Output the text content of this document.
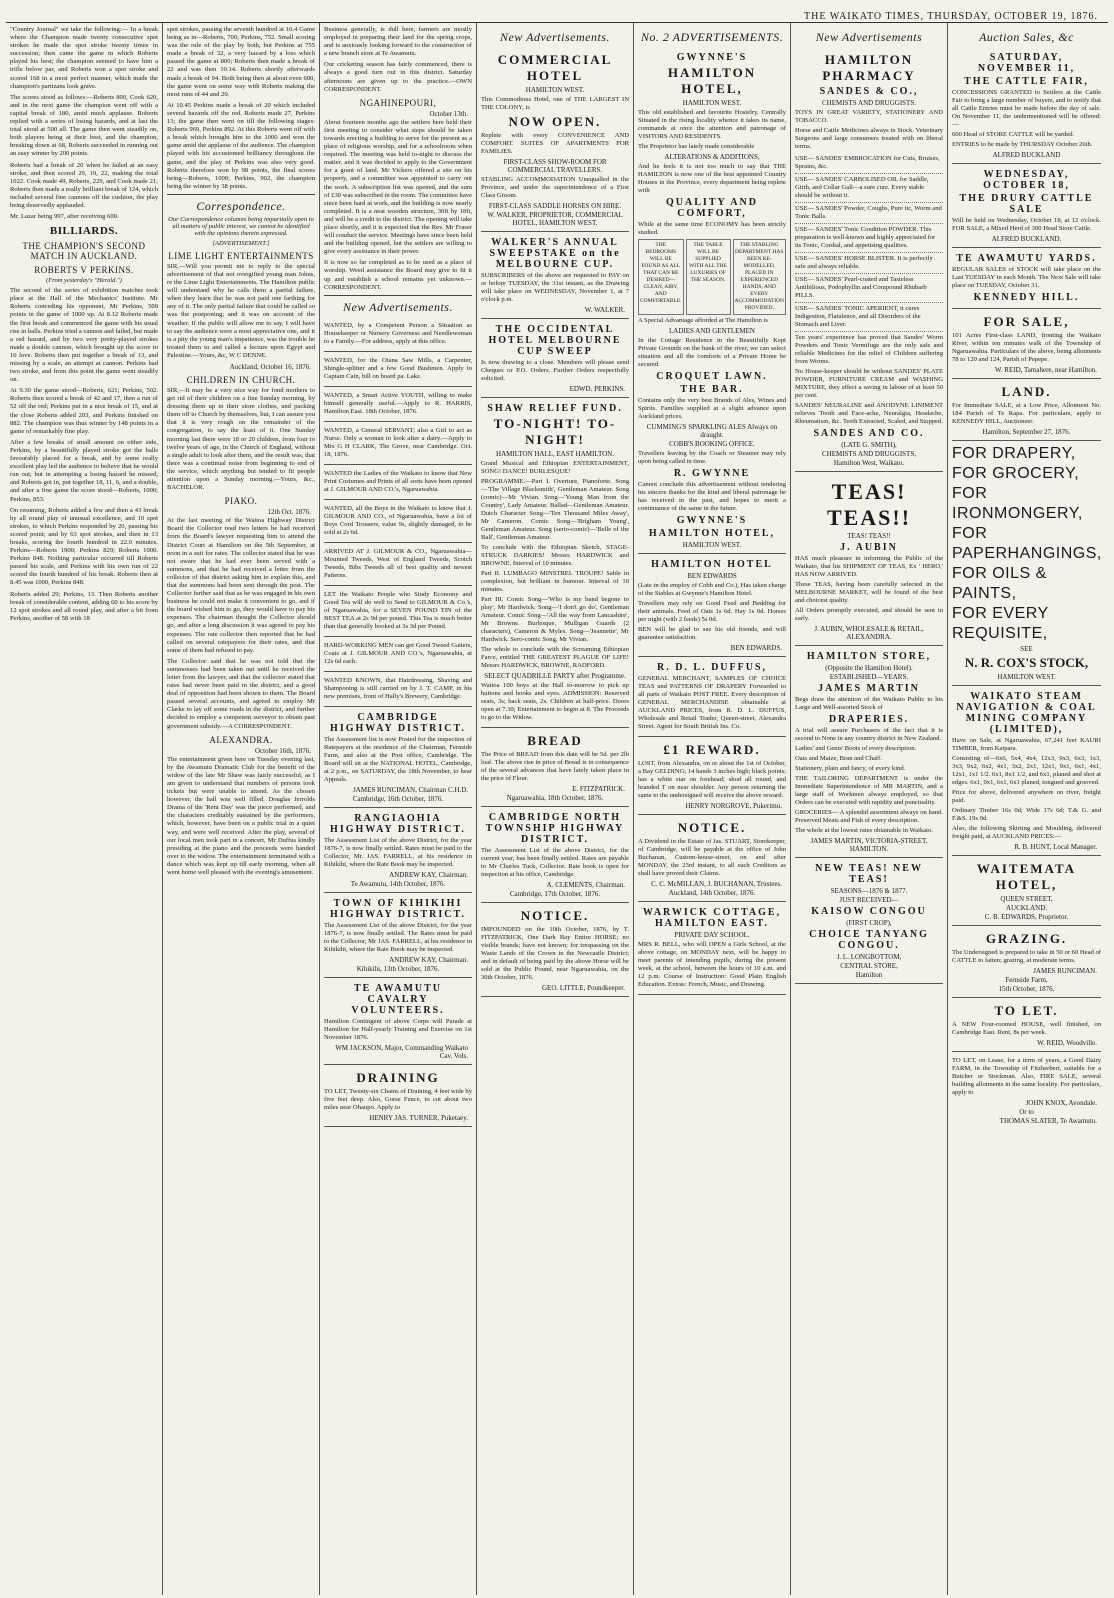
THE WAIKATO TIMES, THURSDAY, OCTOBER 19, 1876.

"Country Journal" we take the following:— In a break where the Champion made twenty consecutive spot strokes he made the spot stroke twenty times in succession; then came the game in which Roberts played his best; the champion seemed to have him a trifle below par, and Roberts won a spot stroke and scored 168 in a most perfect manner, which made the champion's partizans look grave.

The scores stood as follows:—Roberts 800, Cook 620, and in the next game the champion went off with a capital break of 180, amid much applause. Roberts replied with a series of losing hazards, and at last the total stood at 500 all. The game then went steadily on, both players being at their best, and the champion, breaking down at 68, Roberts succeeded in running out an easy winner by 200 points.

Roberts had a break of 20 when he failed at an easy stroke, and then scored 29, 19, 22, making the total 1022. Cook made 49, Roberts, 229, and Cook made 21; Roberts then made a really brilliant break of 124, which included several fine cannons off the cushion, the play being deservedly applauded.

Mr. Lazar being 997, after receiving 600.

BILLIARDS.
THE CHAMPION'S SECOND MATCH IN AUCKLAND.
ROBERTS V PERKINS.
(From yesterday's "Herald.")

The second of the series of exhibition matches took place at the Hall of the Mechanics' Institute. Mr Roberts conceding his opponent, Mr Perkins, 500 points in the game of 1000 up. At 8.12 Roberts made the first break and commenced the game with his usual rise in balls. Perkins tried a cannon and failed, but made a red hazard, and by two very pretty-played strokes made a double cannon, which brought up the score to 10 love. Roberts then put together a break of 13, and missing by a scale, an attempt at cannon. Perkins had two stroke, and from this point the game went steadily on.

At 9.30 the game stood—Roberts, 621; Perkins, 502. Roberts then scored a break of 42 and 17, then a run of 52 off the red; Perkins put in a nice break of 15, and at the close Roberts added 203, and Perkins finished on 882. The champion was thus winner by 148 points in a game of remarkably fine play.

After a few breaks of small amount on either side, Perkins, by a beautifully played stroke got the balls favourably placed for a break, and by some really excellent play led the audience to believe that he would run out; but in attempting a losing hazard he missed, and Roberts got in, put together 18, 11, 6, and a double, and after a fine game the score stood—Roberts, 1000; Perkins, 853.

On resuming, Roberts added a few and then a 43 break by all round play of unusual excellence, and 10 spot strokes, to which Perkins responded by 20, passing his scored point; and by 63 spot strokes, and then in 13 breaks, scoring the fourth hundred in 22.0 minutes. Perkins—Roberts 1900; Perkins 829; Roberts 1000. Perkins 848. Nothing particular occurred till Roberts passed his scale, and Perkins with his own run of 22 scored the fourth hundred of his break. Roberts then at 8.45 was 1000, Perkins 848.

Roberts added 29; Perkins, 13. Then Roberts another break of considerable content, adding 60 to his score by 12 spot strokes and all round play, and after a bit from Perkins, another of 58 with 18

spot strokes, passing the seventh hundred at 10.4 Game being as in—Roberts, 700; Perkins, 752. Small scoring was the rule of the play by both, but Perkins at 755 made a break of 32, a very hazard by a loss which passed the game at 800; Roberts then made a break of 22 and was then 10.14. Roberts shortly afterwards made a break of 94. Both being then at about even 600, the game went on some way with Roberts making the most runs of 44 and 20.

At 10.45 Perkins made a break of 20 which included several hazards off the red. Roberts made 27, Perkins 13; the game then went on till the following stages: Roberts 969, Perkins 892. At this Roberts went off with a break which brought him to the 1000 and won the game amid the applause of the audience. The champion played with his accustomed brilliancy throughout the game, and the play of Perkins was also very good. Roberts therefore won by 98 points, the final scores being—Roberts, 1000; Perkins, 902, the champion being the winner by 38 points.

Correspondence.
Our Correspondence columns being impartially open to all matters of public interest, we cannot be identified with the opinions therein expressed.
[ADVERTISEMENT.]
LIME LIGHT ENTERTAINMENTS

SIR,—Will you permit me to reply to the special advertisement of that not overgifted young man Johns, re the Lime Light Entertainments. The Hamilton public will understand why he calls them a partial failure, when they learn that he was not paid one farthing for any of it. The only partial failure that could be called so was the postponing; and it was on account of the weather. If the public will allow me to say, I will have to say the audience were a most appreciative one, and it is a pity the young man's impatience, was the trouble he treated them to and called a lecture upon Egypt and Palestine.—Yours, &c, W C DENNE.

Auckland, October 16, 1876.
CHILDREN IN CHURCH.

SIR,—It may be a very nice way for fond mothers to get rid of their children on a fine Sunday morning, by dressing them up in their store clothes, and packing them off to Church by themselves, but, I can assure you that it is very rough on the remainder of the congregation, to say the least of it. One Sunday morning last there were 18 or 20 children, from four to twelve years of age, in the Church of England, without a single adult to look after them, and the result was, that there was a continual noise from beginning to end of the service, which anything but tended to fit people attention upon a Sunday morning.—Yours, &c., BACHELOR.

PIAKO.
12th Oct. 1876.

At the last meeting of the Waitoa Highway District Board the Collector read two letters he had received from the Board's lawyer requesting him to attend the District Court at Hamilton on the 5th September, at noon in a suit for rates. The collector stated that he was not aware that he had ever been served with a summons, and that he had received a letter from the collector of that district asking him to explain this, and that the summons had been sent through the post. The Collector further said that as he was engaged in his own business he could not make it convenient to go, and if the board wished him to go, they would have to pay his expenses. The chairman thought the Collector should go, and after a long discussion it was agreed to pay his expenses. The rate collector then reported that he had called on several ratepayers for their rates, and that some of them had refused to pay.

The Collector said that he was not told that the summonses had been taken out until he received the letter from the lawyer, and that the collector stated that rates had never been paid in the district, and a good deal of opposition had been shown to them. The Board passed several accounts, and agreed to employ Mr Clarke to lay off some roads in the district, and further decided to employ a competent surveyor to obtain past government subsidy.—A CORRESPONDENT.

ALEXANDRA.
October 16th, 1876.

The entertainment given here on Tuesday evening last, by the Awamutu Dramatic Club for the benefit of the widow of the late Mr Shaw was fairly successful, as I am given to understand that numbers of persons took tickets but were unable to attend. As the chosen however, the hall was well filled. Douglas Jerrolds Drama of the 'Rent Day' was the piece performed, and the characters creditably sustained by the performers, which, however, have been on a public trial in a quiet way, and were well received. After the play, several of our local men took part in a concert, Mr Duffus kindly presiding at the piano and the proceeds were handed over to the widow. The entertainment terminated with a dance which was kept up till early morning, when all went home well pleased with the evening's amusement.

Business generally, is dull here, farmers are mostly employed in preparing their land for the spring crops, and is anxiously looking forward to the construction of a new branch store at Te Awamutu.

Our cricketing season has fairly commenced, there is always a good turn out in this district. Saturday afternoons are given up to the practice.—OWN CORRESPONDENT.

NGAHINEPOURI,
October 13th.

About fourteen months ago the settlers here held their first meeting to consider what steps should be taken towards erecting a building to serve for the present as a place of religious worship, and for a schoolroom when required. The meeting was held to-night to discuss the matter, and it was decided to apply to the Government for a grant of land. Mr Vickers offered a site on his property, and a committee was appointed to carry out the work. A subscription list was opened, and the sum of £30 was subscribed in the room. The committee have since been hard at work, and the building is now nearly completed. It is a neat wooden structure, 30ft by 18ft, and will be a credit to the district. The opening will take place shortly, and it is expected that the Rev. Mr Fraser will conduct the service. Meetings have since been held and the building opened, but the settlers are willing to give every assistance in their power.

It is now so far completed as to be used as a place of worship. Weed assistance the Board may give to fit it up and establish a school remains yet unknown.—CORRESPONDENT.

New Advertisements.

WANTED, by a Competent Person a Situation as Housekeeper or Nursery Governess and Needlewoman to a Family.—For address, apply at this office.

WANTED, for the Otana Saw Mills, a Carpenter, Shingle-splitter and a few Good Bushmen. Apply to Captain Cain, bill on board pa. Lake.

WANTED, a Smart Active YOUTH, willing to make himself generally useful.—Apply to R. HARRIS, Hamilton East. 18th October, 1876.

WANTED, a General SERVANT; also a Girl to act as Nurse. Only a woman to look after a dairy.—Apply to Mrs G H CLARK, The Grove, near Cambridge. Oct. 18, 1876.

WANTED the Ladies of the Waikato to know that New Print Costumes and Prints of all sorts have been opened at J. GILMOUR AND CO.'s, Ngaruawahia.

WANTED, all the Boys in the Waikato to know that J. GILMOUR AND CO., of Ngaruawahia, have a lot of Boys Cord Trousers, value 9s, slightly damaged, to be sold at 2s 6d.

ARRIVED AT J. GILMOUR & CO., Ngaruawahia— Mounted Tweeds, West of England Tweeds, Scotch Tweeds, Bibs Tweeds all of best quality and newest Patterns.

LET the Waikato People who Study Economy and Good Tea will do well to Send to GILMOUR & Co.'s, of Ngaruawahia, for a SEVEN POUND TIN of the BEST TEA at 2s 9d per pound. This Tea is much better than that generally booked at 3s 3d per Pound.

HARD-WORKING MEN can get Good Tweed Gaiters, Coats at J. GILMOUR AND CO.'s, Ngaruawahia, at 12s 6d each.

WANTED KNOWN, that Hairdressing, Shaving and Shampooing is still carried on by J. T. CAMP, in his new premises, front of Hally's Brewery, Cambridge.

CAMBRIDGE HIGHWAY DISTRICT.

The Assessment list is now Posted for the inspection of Ratepayers at the residence of the Chairman, Fernside Farm, and also at the Post office, Cambridge. The Board will sit at the NATIONAL HOTEL, Cambridge, at 2 p.m., on SATURDAY, the 18th November, to hear Appeals.

JAMES RUNCIMAN, Chairman C.H.D.
Cambridge, 16th October, 1876.
RANGIAOHIA HIGHWAY DISTRICT.

The Assessment List of the above District, for the year 1876-7, is now finally settled. Rates must be paid to the Collector, Mr. JAS. FARRELL, at his residence in Kihikihi, where the Rate Book may be inspected.

ANDREW KAY, Chairman.
Te Awamutu, 14th October, 1876.
TOWN OF KIHIKIHI HIGHWAY DISTRICT.

The Assessment List of the above District, for the year 1876-7, is now finally settled. The Rates must be paid to the Collector, Mr JAS. FARRELL, at his residence in Kihikihi, where the Rate Book may be inspected.

ANDREW KAY, Chairman.
Kihikihi, 13th October, 1876.
TE AWAMUTU CAVALRY VOLUNTEERS.

Hamilton Contingent of above Corps will Parade at Hamilton for Half-yearly Training and Exercise on 1st November 1876.

WM JACKSON, Major, Commanding Waikato Cav. Vols.
DRAINING

TO LET, Twenty-six Chains of Draining, 4 feet wide by five feet deep. Also, Gorse Fence, to cut about two miles near Ohaupo. Apply to

HENRY JAS. TURNER, Puketaey.
New Advertisements.
COMMERCIAL HOTEL
HAMILTON WEST.

This Commodious Hotel, one of THE LARGEST IN THE COLONY, is

NOW OPEN.

Replete with every CONVENIENCE AND COMFORT. SUITES OF APARTMENTS FOR FAMILIES.

FIRST-CLASS SHOW-ROOM FOR COMMERCIAL TRAVELLERS.

STABLING ACCOMMODATION Unequalled in the Province, and under the superintendence of a First Class Groom.

FIRST-CLASS SADDLE HORSES ON HIRE.
W. WALKER, PROPRIETOR, COMMERCIAL HOTEL, HAMILTON WEST.
WALKER'S ANNUAL SWEEPSTAKE on the MELBOURNE CUP.

SUBSCRIBERS of the above are requested to PAY on or before TUESDAY, the 31st instant, as the Drawing will take place on WEDNESDAY, November 1, at 7 o'clock p.m.

W. WALKER.
THE OCCIDENTAL HOTEL MELBOURNE CUP SWEEP

Is now drawing to a close. Members will please send Cheques or P.O. Orders. Further Orders respectfully solicited.

EDWD. PERKINS.
SHAW RELIEF FUND.
TO-NIGHT! TO-NIGHT!
HAMILTON HALL, EAST HAMILTON.

Grand Musical and Ethiopian ENTERTAINMENT, SONG! DANCE! BURLESQUE!

PROGRAMME.—Part I. Overture, Pianoforte. Song—'The Village Blacksmith', Gentleman Amateur. Song (comic)—Mr Vivian. Song—'Young Man from the Country', Lady Amateur. Ballad—Gentleman Amateur. Dutch Character Song—'Ten Thousand Miles Away', Mr Cameron. Comic Song—'Brigham Young', Gentleman Amateur. Song (serio-comic)—'Belle of the Ball', Gentleman Amateur.

To conclude with the Ethiopian Sketch, STAGE-STRUCK DARKIES! Messrs HARDWICK and BROWNE. Interval of 10 minutes.

Part II. LUMBAGO MINSTREL TROUPE! Sable in complexion, but brilliant in humour. Interval of 10 minutes.

Part III. Comic Song—'Who is my band begone to play', Mr Hardwick. Song—'I don't go do', Gentleman Amateur. Comic Song—'All the way from Lancashire', Mr Browne. Burlesque, Mulligan Guards (2 characters), Cameron & Myles. Song—'Jeannette', Mr Hardwick. Sero-comic Song, Mr Vivian.

The whole to conclude with the Screaming Ethiopian Farce, entitled THE GREATEST PLAGUE OF LIFE! Messrs HARDWICK, BROWNE, RADFORD.

SELECT QUADRILLE PARTY after Programme.

Waitoa 100 boys at the Hall to-morrow to pick up buttons and hooks and eyes. ADMISSION: Reserved seats, 3s; back seats, 2s. Children at half-price. Doors open at 7.30; Entertainment to begin at 8. The Proceeds to go to the Widow.

BREAD

The Price of BREAD from this date will be 5d. per 2lb loaf. The above rise in price of Bread is in consequence of the several advances that have lately taken place in the price of Flour.

E. FITZPATRICK.
Ngaruawahia, 18th October, 1876.
CAMBRIDGE NORTH TOWNSHIP HIGHWAY DISTRICT.

The Assessment List of the above District, for the current year, has been finally settled. Rates are payable to Mr Charles Tuck, Collector. Rate book is open for inspection at his office, Cambridge.

A. CLEMENTS, Chairman.
Cambridge, 17th October, 1876.
NOTICE.

IMPOUNDED on the 10th October, 1876, by T. FITZPATRICK, One Dark Bay Entire HORSE; no visible brands; have not known; for trespassing on the Waste Lands of the Crown in the Newcastle District; and in default of being paid by the above Horse will be sold at the Public Pound, near Ngaruawahia, on the 30th October, 1876.

GEO. LITTLE, Poundkeeper.
No. 2 ADVERTISEMENTS.
GWYNNE'S
HAMILTON HOTEL,
HAMILTON WEST.

This old established and favourite Hostelry, Centrally Situated in the rising locality whence it takes its name, commands at once the attention and patronage of VISITORS AND RESIDENTS.

The Proprietor has lately made considerable

ALTERATIONS & ADDITIONS,

And he feels it is not too much to say that THE HAMILTON is now one of the best appointed Country Houses in the Province, every department being replete with

QUALITY AND COMFORT,

While at the same time ECONOMY has been strictly studied.

THE BEDROOMS WILL BE FOUND AS ALL THAT CAN BE DESIRED—CLEAN, AIRY, AND COMFORTABLE.
THE TABLE WILL BE SUPPLIED WITH ALL THE LUXURIES OF THE SEASON.
THE STABLING DEPARTMENT HAS BEEN RE-MODELLED, PLACED IN EXPERIENCED HANDS, AND EVERY ACCOMMODATION PROVIDED.

A Special Advantage afforded at The Hamilton is

LADIES AND GENTLEMEN

In the Cottage Residence in the Beautifully Kept Private Grounds on the bank of the river, we can select situation and all the comforts of a Private Home be secured.

CROQUET LAWN.
THE BAR.

Contains only the very best Brands of Ales, Wines and Spirits. Families supplied at a slight advance upon Auckland prices.

CUMMING'S SPARKLING ALES Always on draught.
COBB'S BOOKING OFFICE.

Travellers leaving by the Coach or Steamer may rely upon being called in time.

R. GWYNNE

Cannot conclude this advertisement without tendering his sincere thanks for the kind and liberal patronage he has received in the past, and hopes to merit a continuance of the same in the future.

GWYNNE'S
HAMILTON HOTEL,
HAMILTON WEST.
HAMILTON HOTEL
BEN EDWARDS

(Late in the employ of Cobb and Co.), Has taken charge of the Stables at Gwynne's Hamilton Hotel.

Travellers may rely on Good Feed and Bedding for their animals. Feed of Oats 1s 6d. Hay 1s 0d. Horses per night (with 2 feeds) 5s 0d.

BEN will be glad to see his old friends, and will guarantee satisfaction.

BEN EDWARDS.
R. D. L. DUFFUS,

GENERAL MERCHANT, SAMPLES OF CHOICE TEAS and PATTERNS OF DRAPERY Forwarded to all parts of Waikato POST FREE. Every description of GENERAL MERCHANDISE obtainable at AUCKLAND PRICES, from R. D. L. DUFFUS, Wholesale and Retail Trader, Queen-street, Alexandra Street. Agent for South British Ins. Co.

£1 REWARD.

LOST, from Alexandra, on or about the 1st of October, a Bay GELDING; 14 hands 3 inches high; black points; has a white star on forehead; shod all round, and branded T on near shoulder. Any person returning the same to the undersigned will receive the above reward.

HENRY NORGROVE, Pukerimu.
NOTICE.

A Dividend in the Estate of Jas. STUART, Storekeeper, of Cambridge, will be payable at the office of John Buchanan, Custom-house-street, on and after MONDAY, the 23rd instant, to all such Creditors as shall have proved their Claims.

C. C. McMILLAN, J. BUCHANAN, Trustees.
Auckland, 14th October, 1876.
WARWICK COTTAGE, HAMILTON EAST.
PRIVATE DAY SCHOOL.

MRS R. BELL, who will OPEN a Girls School, at the above cottage, on MONDAY next, will be happy to meet parents of intending pupils, during the present week, at the school, between the hours of 10 a.m. and 12 p.m. Course of Instruction: Good Plain English Education. Extras: French, Music, and Drawing.

New Advertisements
HAMILTON PHARMACY
SANDES & CO.,
CHEMISTS AND DRUGGISTS.

TOYS IN GREAT VARIETY, STATIONERY AND TOBACCO.

Horse and Cattle Medicines always in Stock. Veterinary Surgeons and large consumers treated with on liberal terms.

USE— SANDES' EMBROCATION for Cuts, Bruises, Sprains, &c.
USE— SANDES' CARBOLISED OIL for Saddle, Girth, and Collar Gall—a sure cure. Every stable should be without it.
USE— SANDES' Powder, Coughs, Pure tic, Worm and Tonic Balls.
USE— SANDES' Tonic Condition POWDER. This preparation is well-known and highly appreciated for its Tonic, Cordial, and appetising qualities.
USE— SANDES' HORSE BLISTER. It is perfectly safe and always reliable.
USE— SANDES' Pearl-coated and Tasteless Antibilious, Podophyllin and Compound Rhubarb PILLS.
USE— SANDES' TONIC APERIENT, it cures Indigestion, Flatulence, and all Disorders of the Stomach and Liver.

Ten years' experience has proved that Sandes' Worm Powders and Tonic Vermifuge are the only safe and reliable Medicines for the relief of Children suffering from Worms.

No House-keeper should be without SANDES' PLATE POWDER, FURNITURE CREAM and WASHING MIXTURE, they effect a saving in labour of at least 50 per cent.

SANDES' NEURALINE and ANODYNE LINIMENT relieves Tooth and Face-ache, Neuralgia, Headache, Rheumatism, &c. Teeth Extracted, Scaled, and Stopped.

SANDES AND CO.
(LATE G. SMITH),
CHEMISTS AND DRUGGISTS,
Hamilton West, Waikato.
TEAS! TEAS!!
TEAS! TEAS!!
J. AUBIN

HAS much pleasure in informing the Public of the Waikato, that his SHIPMENT OF TEAS, Ex ' HERO,' HAS NOW ARRIVED.

These TEAS, having been carefully selected in the MELBOURNE MARKET, will be found of the best and choicest quality.

All Orders promptly executed, and should be sent in early.

J. AUBIN, WHOLESALE & RETAIL, ALEXANDRA.
HAMILTON STORE,
(Opposite the Hamilton Hotel).
ESTABLISHED—YEARS.
JAMES MARTIN

Begs draw the attention of the Waikato Public to his Large and Well-assorted Stock of

DRAPERIES.

A trial will assure Purchasers of the fact that it is second to None in any country district in New Zealand.

Ladies' and Gents' Boots of every description.

Oats and Maize, Bran and Chaff.

Stationery, plain and fancy, of every kind.

THE TAILORING DEPARTMENT is under the Immediate Superintendence of MR MARTIN, and a large staff of Workmen always employed, so that Orders can be executed with rapidity and punctuality.

GROCERIES— A splendid assortment always on hand. Preserved Meats and Fish of every description.

The whole at the lowest rates obtainable in Waikato.

JAMES MARTIN, VICTORIA-STREET, HAMILTON.
NEW TEAS! NEW TEAS!
SEASONS—1876 & 1877.
JUST RECEIVED—
KAISOW CONGOU
(FIRST CROP),
CHOICE TANYANG CONGOU.
J. L. LONGBOTTOM,
CENTRAL STORE,
Hamilton
Auction Sales, &c
SATURDAY, NOVEMBER 11,
THE CATTLE FAIR,

CONCESSIONS GRANTED to Settlers at the Cattle Fair to bring a large number of buyers, and to notify that all Cattle Entries must be made before the day of sale. On November 11, the undermentioned will be offered:—

600 Head of STORE CATTLE will be yarded.

ENTRIES to be made by THURSDAY October 26th.

ALFRED BUCKLAND
WEDNESDAY, OCTOBER 18,
THE DRURY CATTLE SALE

Will be held on Wednesday, October 18, at 12 o'clock. FOR SALE, a Mixed Herd of 300 Head Store Cattle.

ALFRED BUCKLAND.
TE AWAMUTU YARDS.

REGULAR SALES of STOCK will take place on the Last TUESDAY in each Month. The Next Sale will take place on TUESDAY, October 31.

KENNEDY HILL.
FOR SALE,

101 Acres First-class LAND, fronting the Waikato River, within ten minutes walk of the Township of Ngaruawahia. Particulars of the above, being allotments 78 to 120 and 124, Parish of Pepepe.

W. REID, Tamahere, near Hamilton.
LAND.

For Immediate SALE, at a Low Price, Allotment No. 184 Parish of Te Rapa. For particulars, apply to KENNEDY HILL, Auctioneer.

Hamilton, September 27, 1876.

FOR DRAPERY,

FOR GROCERY,

FOR IRONMONGERY,

FOR PAPERHANGINGS,

FOR OILS & PAINTS,

FOR EVERY REQUISITE,

SEE
N. R. COX'S STOCK,
HAMILTON WEST.
WAIKATO STEAM NAVIGATION & COAL MINING COMPANY (LIMITED),

Have on Sale, at Ngaruawahia, 67,241 feet KAURI TIMBER, from Kaipara.

Consisting of—6x6, 5x4, 4x4, 12x3, 9x3, 6x3, 1x3, 3x3, 9x2, 6x2, 4x1, 3x2, 2x1, 12x1, 9x1, 6x1, 4x1, 12x1, 1x1 1/2. 6x1, 8x1 1/2, and 6x1, planed and shot at edges. 6x1, 9x1, 6x1, 6x1 planed, tongued and grooved.

Price for above, delivered anywhere on river, freight paid.

Ordinary Timber 16s 0d; Wide 17s 6d; T.& G. and F.&S. 19s 0d.

Also, the following Skirting and Moulding, delivered freight paid, at AUCKLAND PRICES:—

R. B. HUNT, Local Manager.
WAITEMATA HOTEL,
QUEEN STREET,
AUCKLAND.
C. B. EDWARDS, Proprietor.
GRAZING.

The Undersigned is prepared to take in 50 or 60 Head of CATTLE to fatten; grazing, at moderate terms.

JAMES RUNCIMAN.
Fernside Farm,
15th October, 1876.
TO LET.

A NEW Four-roomed HOUSE, well finished, on Cambridge East. Rent, 8s per week.

W. REID, Woodville.

TO LET, on Lease, for a term of years, a Good Dairy FARM, in the Township of Fitzherbert, suitable for a Butcher or Stockman. Also, FIRE SALE, several building allotments in the same locality. For particulars, apply to

JOHN KNOX, Avondale.
Or to
THOMAS SLATER, Te Awamutu.
